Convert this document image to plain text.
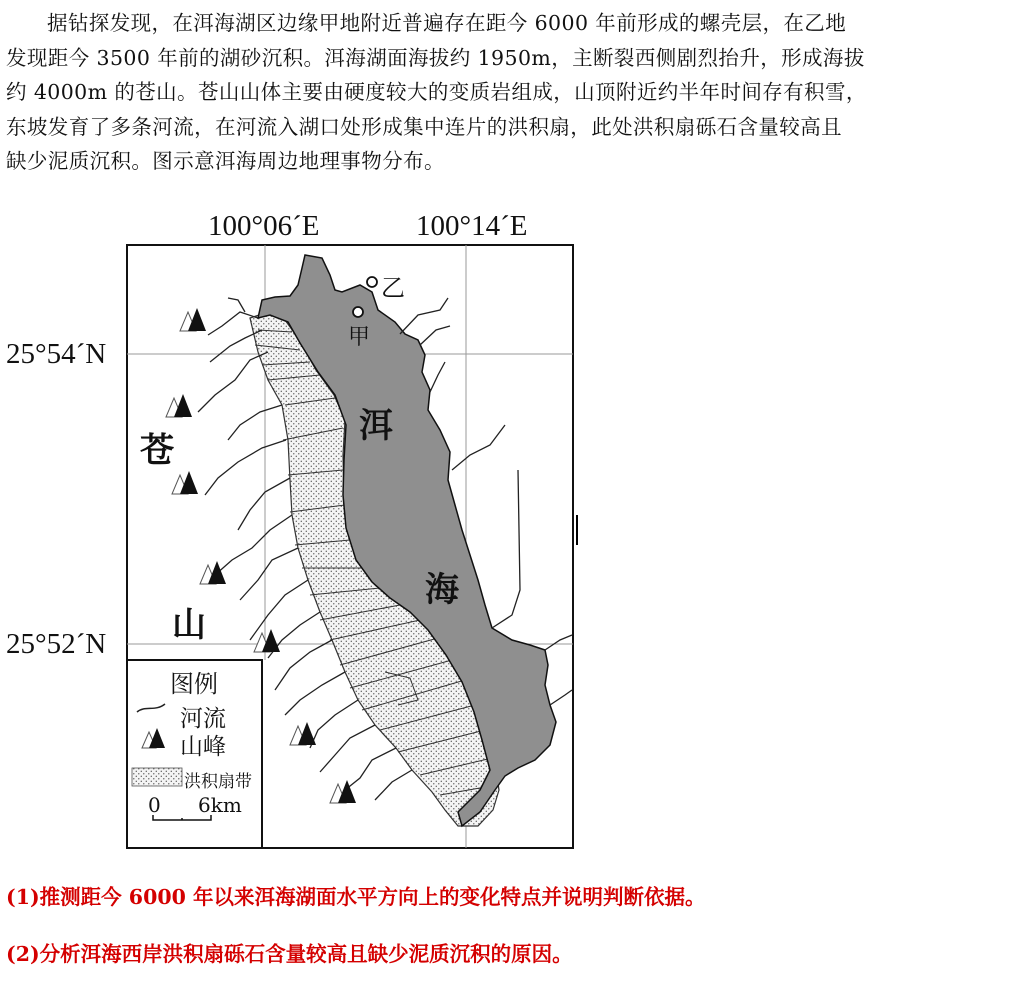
据钻探发现，在洱海湖区边缘甲地附近普遍存在距今 6000 年前形成的螺壳层，在乙地
发现距今 3500 年前的湖砂沉积。洱海湖面海拔约 1950m，主断裂西侧剧烈抬升，形成海拔
约 4000m 的苍山。苍山山体主要由硬度较大的变质岩组成，山顶附近约半年时间存有积雪，
东坡发育了多条河流，在河流入湖口处形成集中连片的洪积扇，此处洪积扇砾石含量较高且
缺少泥质沉积。图示意洱海周边地理事物分布。
100°06´E	100°14´E
25°54´N
25°52´N
乙
甲
洱
海
苍
山
图例
河流
山峰
洪积扇带
0 6km
(1)推测距今 6000 年以来洱海湖面水平方向上的变化特点并说明判断依据。
(2)分析洱海西岸洪积扇砾石含量较高且缺少泥质沉积的原因。
